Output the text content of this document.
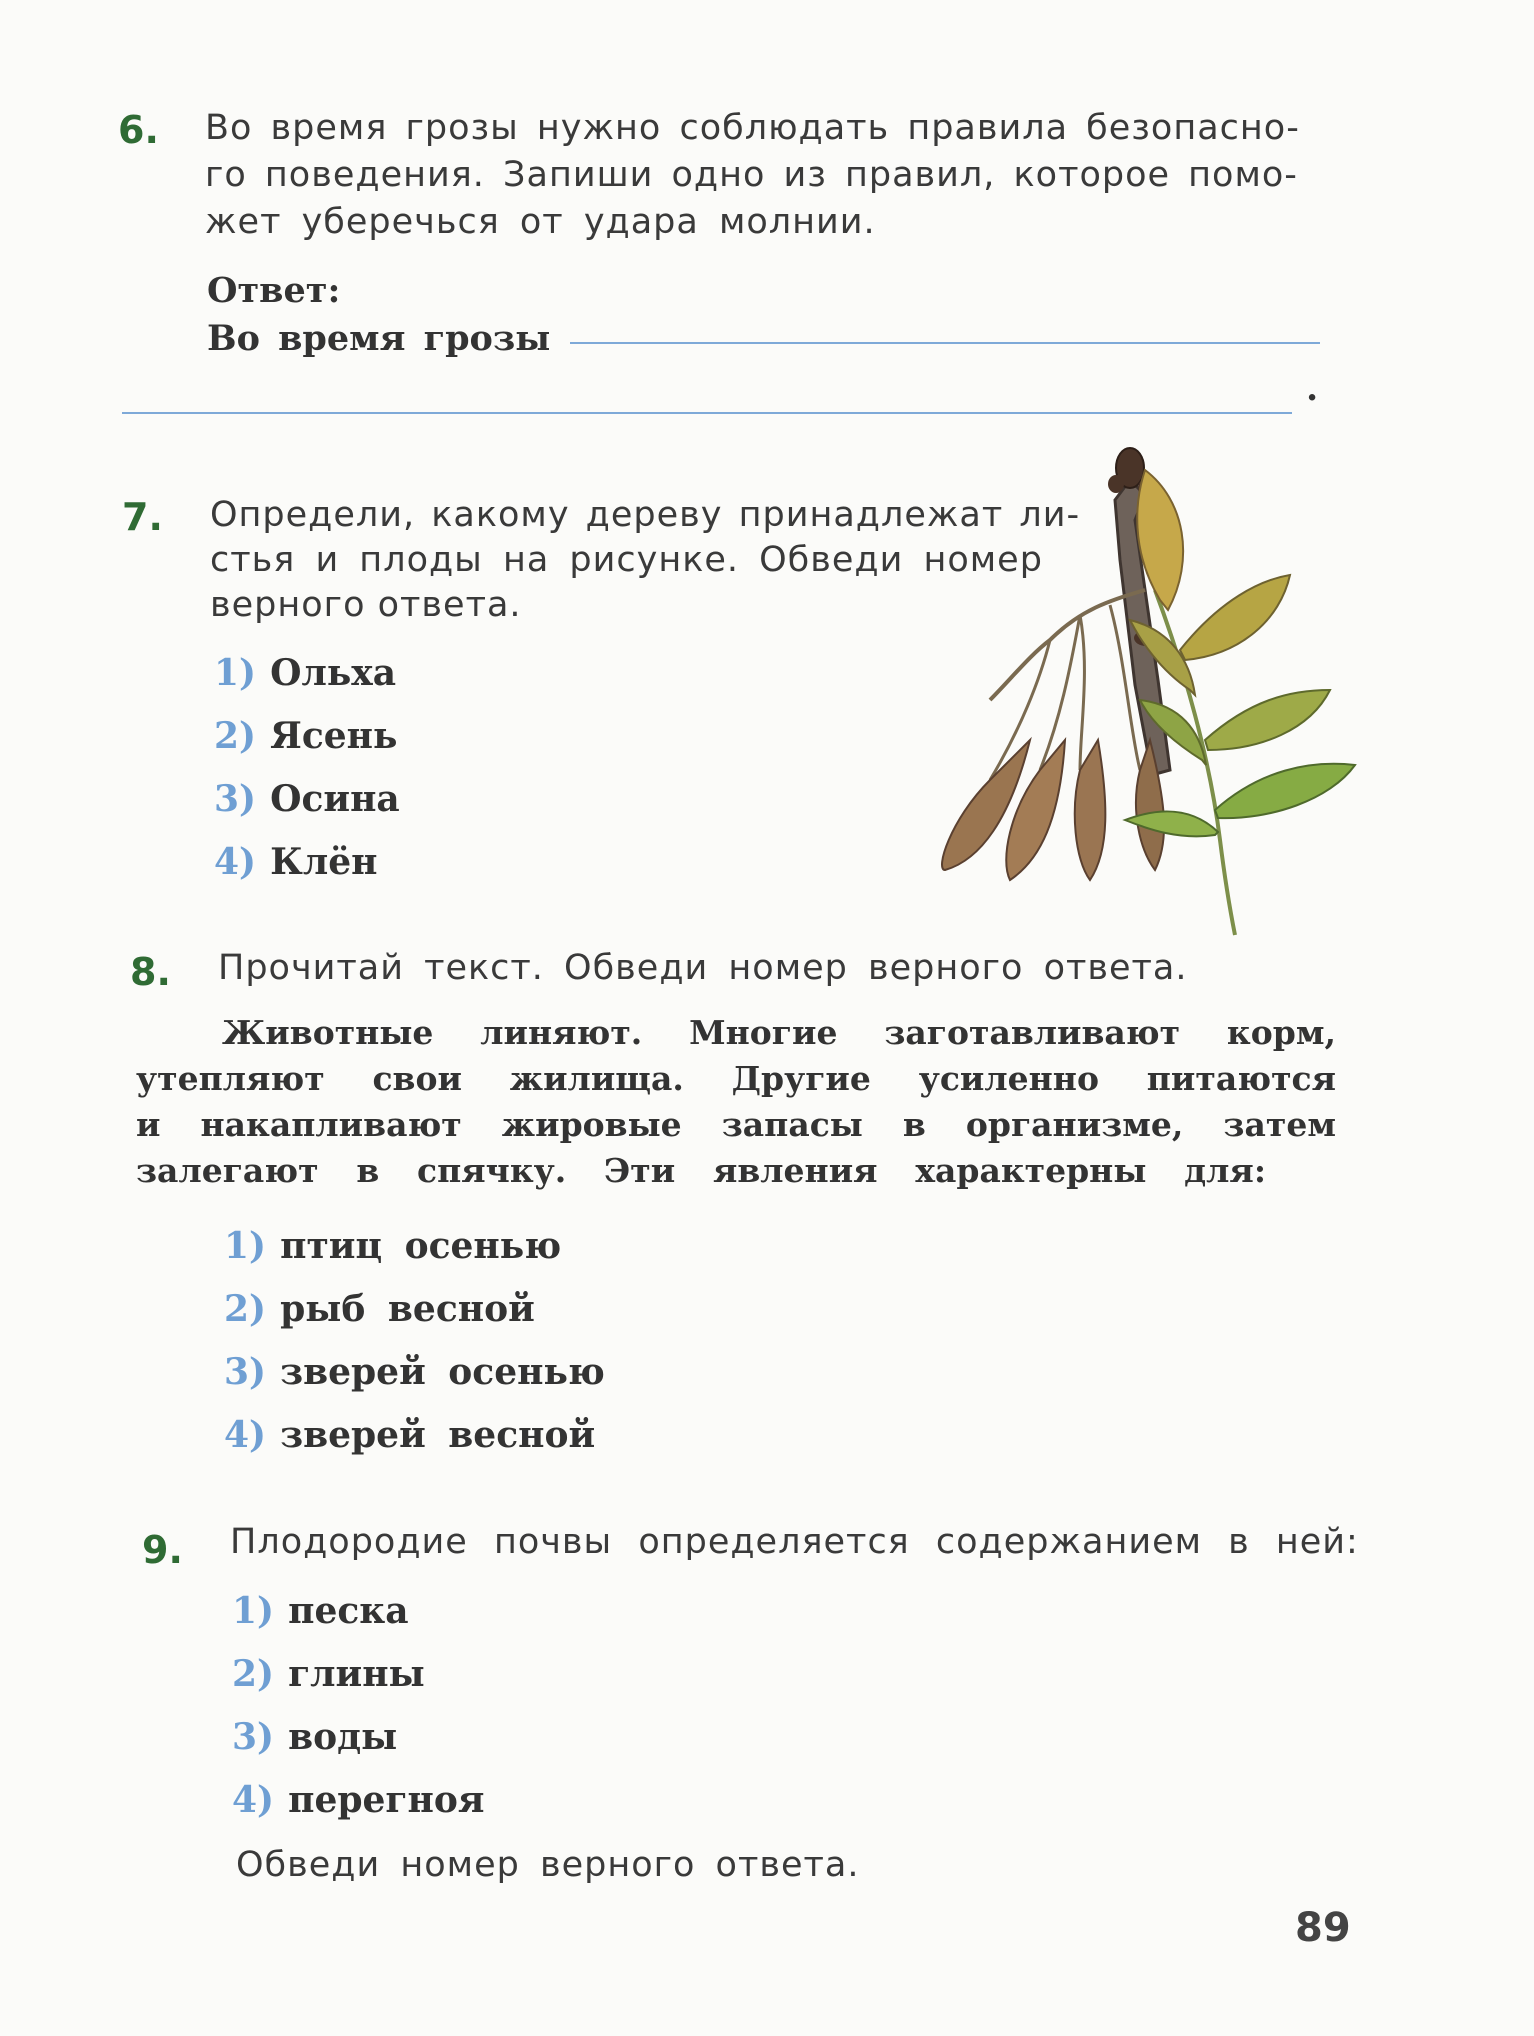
6. Во время грозы нужно соблюдать правила безопасно-
го поведения. Запиши одно из правил, которое помо-
жет уберечься от удара молнии.
Ответ:
Во время грозы
.
7. Определи, какому дереву принадлежат ли-
стья и плоды на рисунке. Обведи номер
верного ответа.
1) Ольха
2) Ясень
3) Осина
4) Клён
8. Прочитай текст. Обведи номер верного ответа.
Животные линяют. Многие заготавливают корм,
утепляют свои жилища. Другие усиленно питаются
и накапливают жировые запасы в организме, затем
залегают в спячку. Эти явления характерны для:
1) птиц осенью
2) рыб весной
3) зверей осенью
4) зверей весной
9. Плодородие почвы определяется содержанием в ней:
1) песка
2) глины
3) воды
4) перегноя
Обведи номер верного ответа.
89
